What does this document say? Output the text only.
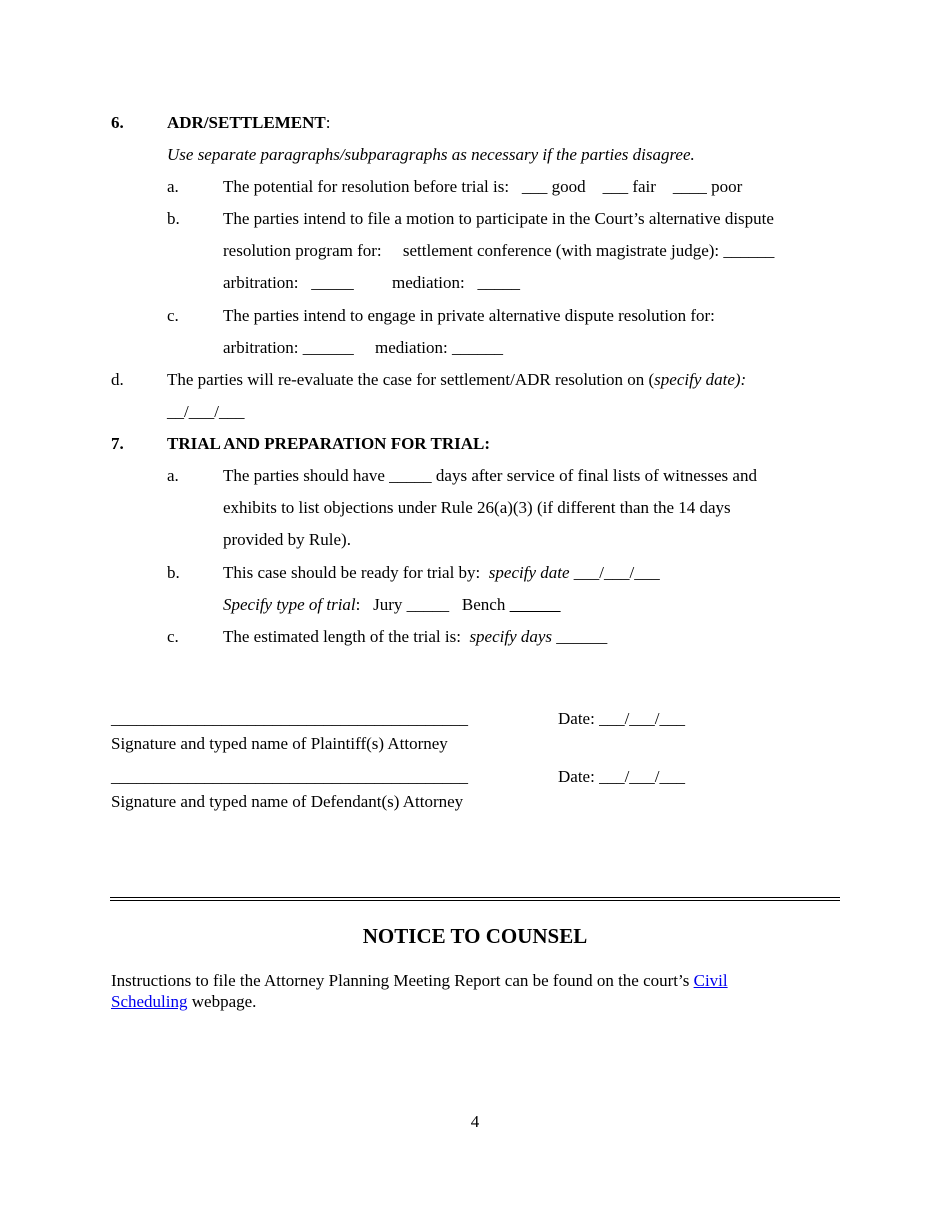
6.	ADR/SETTLEMENT:
Use separate paragraphs/subparagraphs as necessary if the parties disagree.
a.	The potential for resolution before trial is: ___ good ___ fair ____ poor
b.	The parties intend to file a motion to participate in the Court’s alternative dispute
resolution program for: settlement conference (with magistrate judge): ______
arbitration: _____ mediation: _____
c.	The parties intend to engage in private alternative dispute resolution for:
arbitration: ______ mediation: ______
d.	The parties will re-evaluate the case for settlement/ADR resolution on (specify date):
__/___/___
7.	TRIAL AND PREPARATION FOR TRIAL:
a.	The parties should have _____ days after service of final lists of witnesses and
exhibits to list objections under Rule 26(a)(3) (if different than the 14 days
provided by Rule).
b.	This case should be ready for trial by: specify date ___/___/___
Specify type of trial: Jury _____ Bench
c.	The estimated length of the trial is: specify days ______
__________________________________________	Date: ___/___/___
Signature and typed name of Plaintiff(s) Attorney
__________________________________________	Date: ___/___/___
Signature and typed name of Defendant(s) Attorney
NOTICE TO COUNSEL
Instructions to file the Attorney Planning Meeting Report can be found on the court’s Civil
Scheduling webpage.
4
